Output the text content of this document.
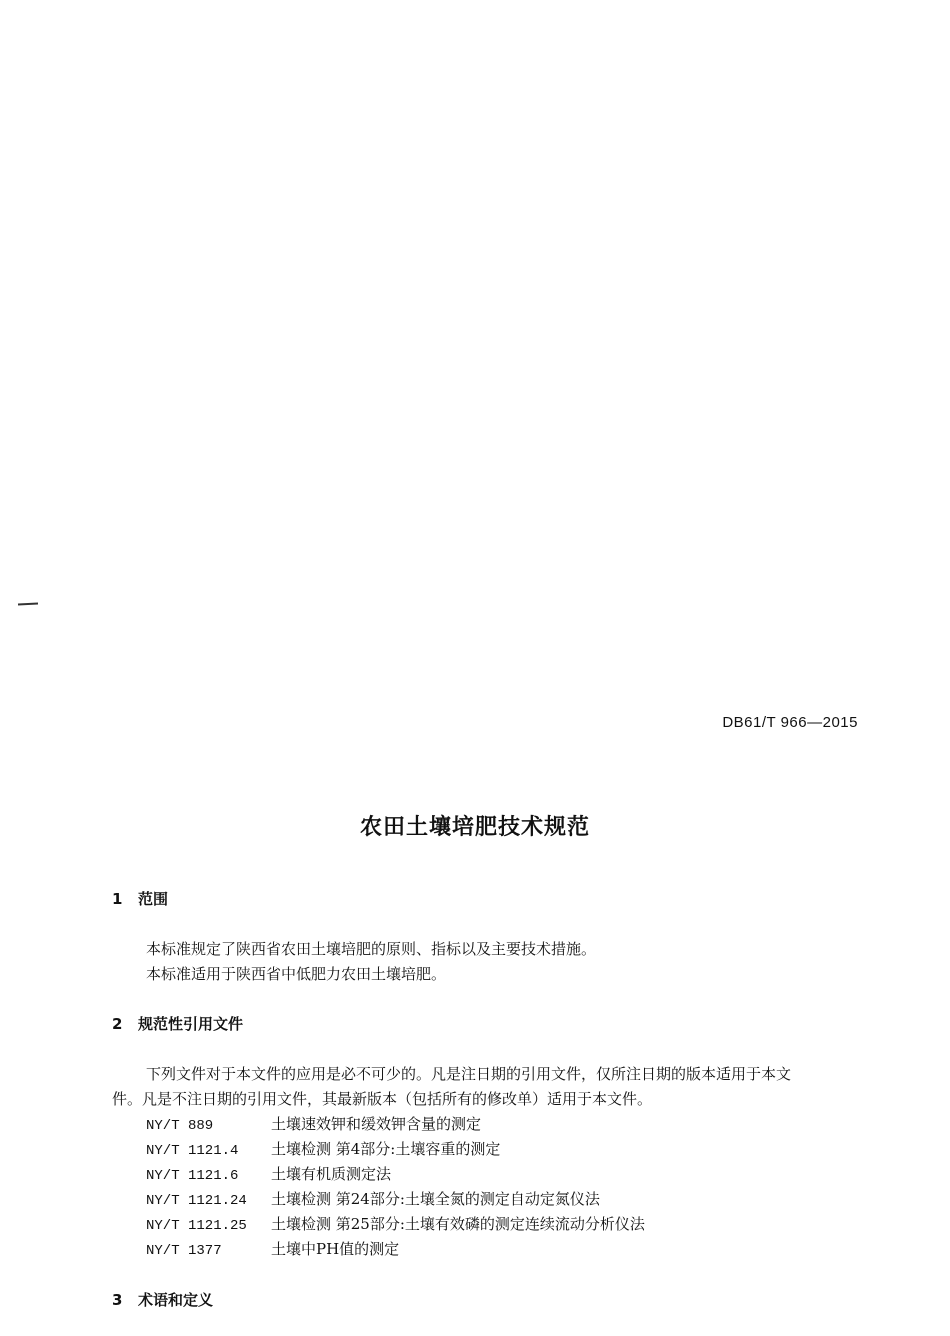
DB61/T 966—2015
农田土壤培肥技术规范
1 范围
本标准规定了陕西省农田土壤培肥的原则、指标以及主要技术措施。
本标准适用于陕西省中低肥力农田土壤培肥。
2 规范性引用文件
下列文件对于本文件的应用是必不可少的。凡是注日期的引用文件，仅所注日期的版本适用于本文
件。凡是不注日期的引用文件，其最新版本（包括所有的修改单）适用于本文件。
NY/T 889	土壤速效钾和缓效钾含量的测定
NY/T 1121.4 土壤检测 第4部分:土壤容重的测定
NY/T 1121.6 土壤有机质测定法
NY/T 1121.24 土壤检测 第24部分:土壤全氮的测定自动定氮仪法
NY/T 1121.25 土壤检测 第25部分:土壤有效磷的测定连续流动分析仪法
NY/T 1377	土壤中PH值的测定
3 术语和定义
